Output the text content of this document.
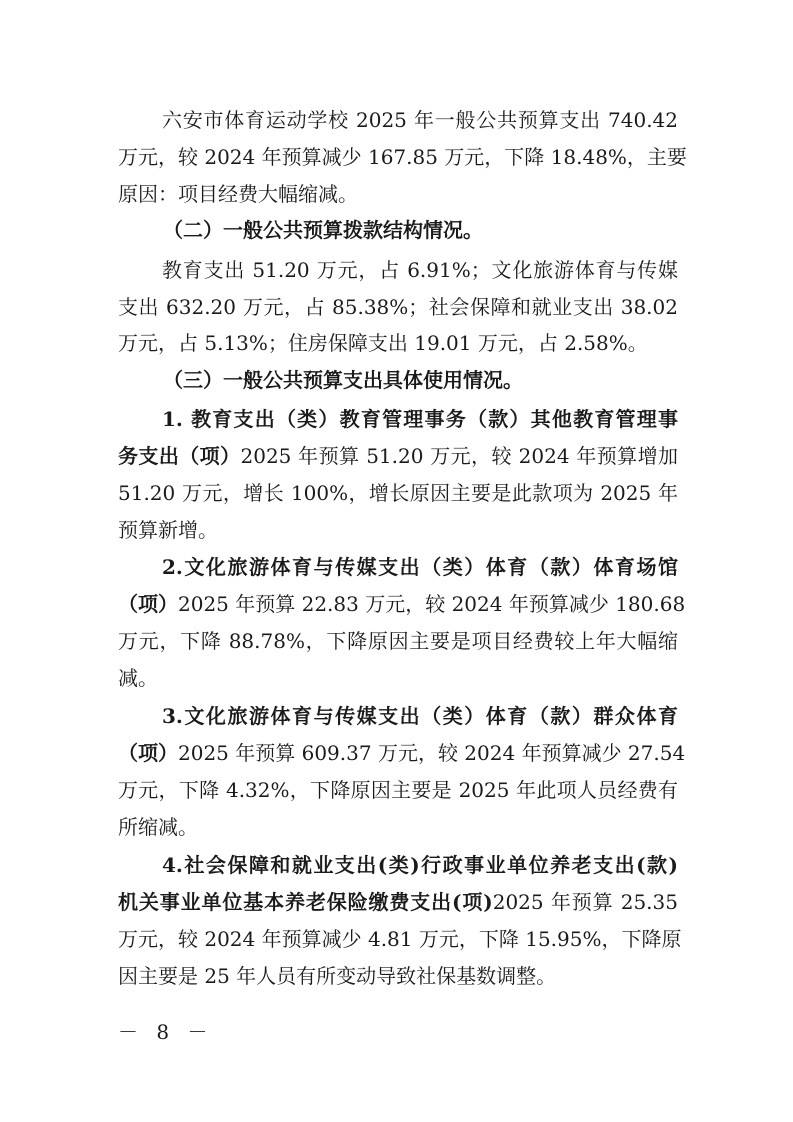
六安市体育运动学校 2025 年一般公共预算支出 740.42
万元，较 2024 年预算减少 167.85 万元，下降 18.48%，主要
原因：项目经费大幅缩减。
（二）一般公共预算拨款结构情况。
教育支出 51.20 万元，占 6.91%；文化旅游体育与传媒
支出 632.20 万元，占 85.38%；社会保障和就业支出 38.02
万元，占 5.13%；住房保障支出 19.01 万元，占 2.58%。
（三）一般公共预算支出具体使用情况。
1. 教育支出（类）教育管理事务（款）其他教育管理事
务支出（项）2025 年预算 51.20 万元，较 2024 年预算增加
51.20 万元，增长 100%，增长原因主要是此款项为 2025 年
预算新增。
2.文化旅游体育与传媒支出（类）体育（款）体育场馆
（项）2025 年预算 22.83 万元，较 2024 年预算减少 180.68
万元，下降 88.78%，下降原因主要是项目经费较上年大幅缩
减。
3.文化旅游体育与传媒支出（类）体育（款）群众体育
（项）2025 年预算 609.37 万元，较 2024 年预算减少 27.54
万元，下降 4.32%，下降原因主要是 2025 年此项人员经费有
所缩减。
4.社会保障和就业支出(类)行政事业单位养老支出(款)
机关事业单位基本养老保险缴费支出(项)2025 年预算 25.35
万元，较 2024 年预算减少 4.81 万元，下降 15.95%，下降原
因主要是 25 年人员有所变动导致社保基数调整。
－ 8 －
